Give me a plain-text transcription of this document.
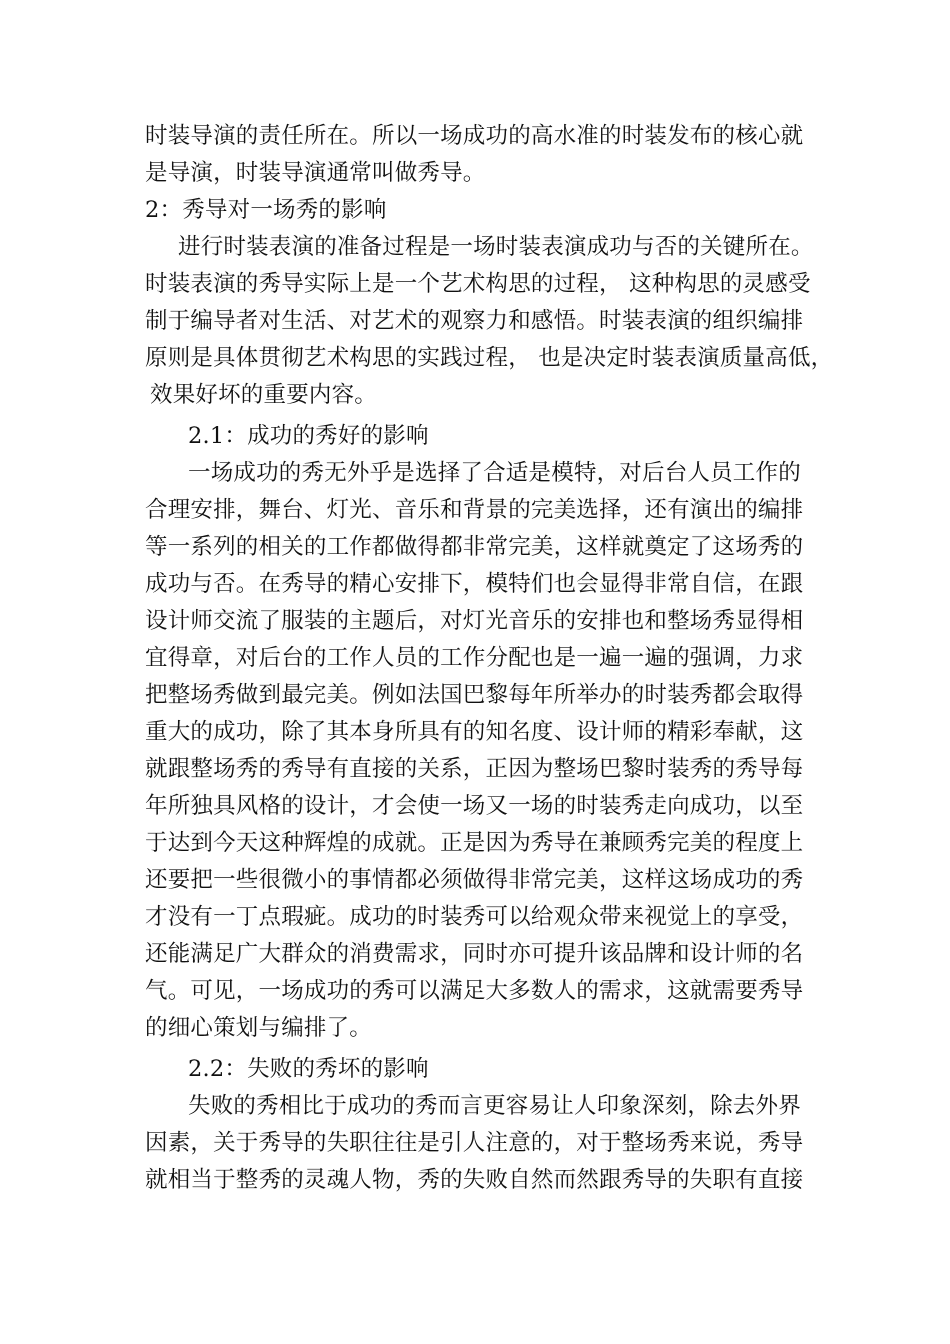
时装导演的责任所在。所以一场成功的高水准的时装发布的核心就
是导演，时装导演通常叫做秀导。
2：秀导对一场秀的影响
进行时装表演的准备过程是一场时装表演成功与否的关键所在。
时装表演的秀导实际上是一个艺术构思的过程， 这种构思的灵感受
制于编导者对生活、对艺术的观察力和感悟。时装表演的组织编排
原则是具体贯彻艺术构思的实践过程， 也是决定时装表演质量高低，
效果好坏的重要内容。
2.1：成功的秀好的影响
一场成功的秀无外乎是选择了合适是模特，对后台人员工作的
合理安排，舞台、灯光、音乐和背景的完美选择，还有演出的编排
等一系列的相关的工作都做得都非常完美，这样就奠定了这场秀的
成功与否。在秀导的精心安排下，模特们也会显得非常自信，在跟
设计师交流了服装的主题后，对灯光音乐的安排也和整场秀显得相
宜得章，对后台的工作人员的工作分配也是一遍一遍的强调，力求
把整场秀做到最完美。例如法国巴黎每年所举办的时装秀都会取得
重大的成功，除了其本身所具有的知名度、设计师的精彩奉献，这
就跟整场秀的秀导有直接的关系，正因为整场巴黎时装秀的秀导每
年所独具风格的设计，才会使一场又一场的时装秀走向成功，以至
于达到今天这种辉煌的成就。正是因为秀导在兼顾秀完美的程度上
还要把一些很微小的事情都必须做得非常完美，这样这场成功的秀
才没有一丁点瑕疵。成功的时装秀可以给观众带来视觉上的享受，
还能满足广大群众的消费需求，同时亦可提升该品牌和设计师的名
气。可见，一场成功的秀可以满足大多数人的需求，这就需要秀导
的细心策划与编排了。
2.2：失败的秀坏的影响
失败的秀相比于成功的秀而言更容易让人印象深刻，除去外界
因素，关于秀导的失职往往是引人注意的，对于整场秀来说，秀导
就相当于整秀的灵魂人物，秀的失败自然而然跟秀导的失职有直接
